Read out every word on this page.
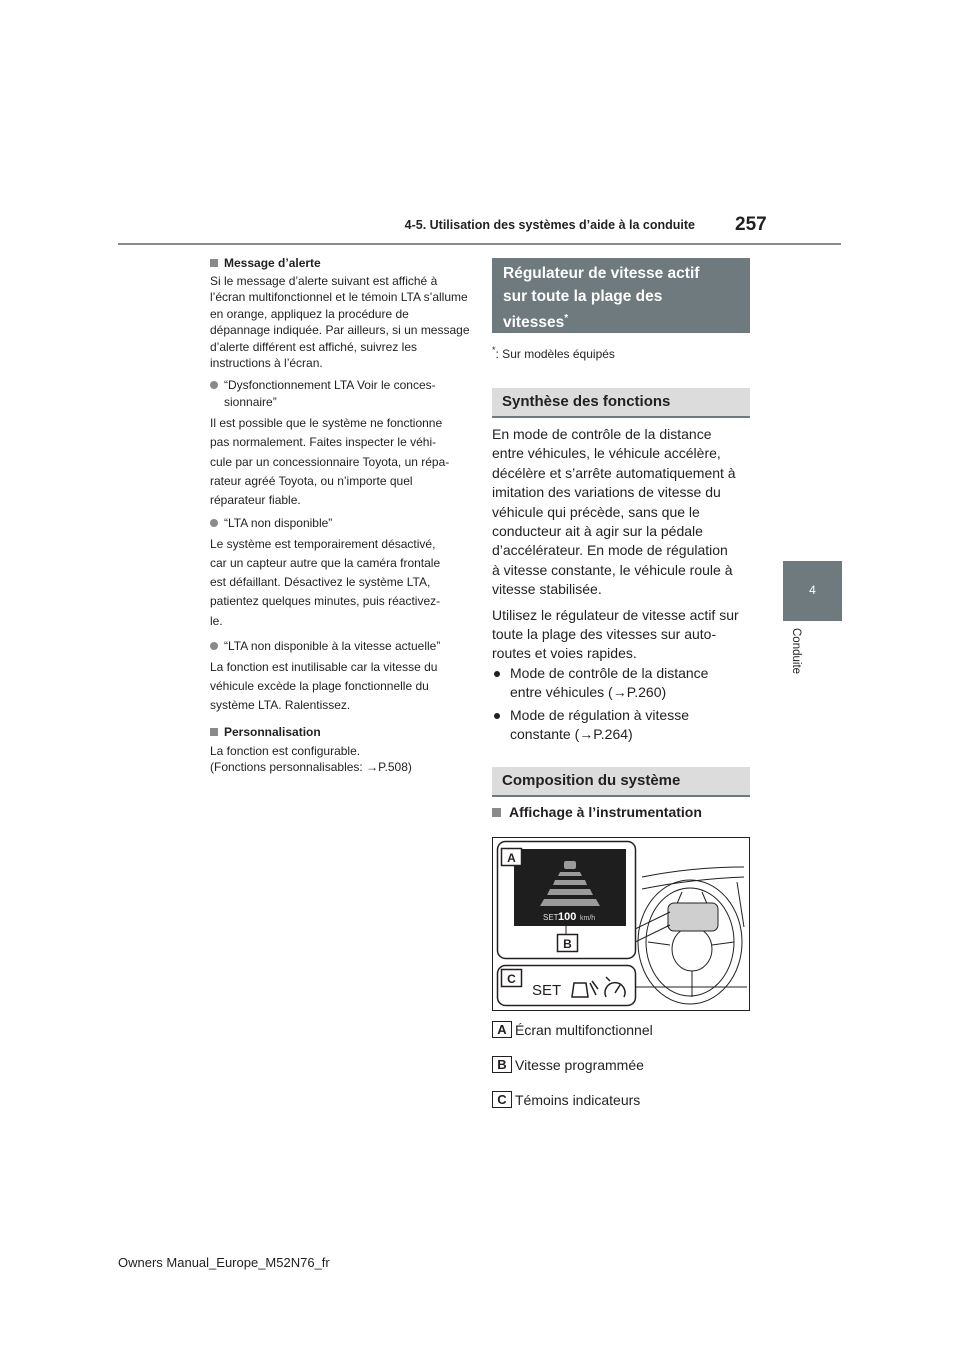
4-5. Utilisation des systèmes d’aide à la conduite 257
4
Conduite
Message d’alerte

Si le message d’alerte suivant est affiché à l’écran multifonctionnel et le témoin LTA s’allume en orange, appliquez la procédure de dépannage indiquée. Par ailleurs, si un message d’alerte différent est affiché, suivrez les instructions à l’écran.

“Dysfonctionnement LTA Voir le conces-sionnaire”

Il est possible que le système ne fonctionne

pas normalement. Faites inspecter le véhi-

cule par un concessionnaire Toyota, un répa-

rateur agréé Toyota, ou n’importe quel

réparateur fiable.

“LTA non disponible”

Le système est temporairement désactivé,

car un capteur autre que la caméra frontale

est défaillant. Désactivez le système LTA,

patientez quelques minutes, puis réactivez-

le.

“LTA non disponible à la vitesse actuelle”

La fonction est inutilisable car la vitesse du

véhicule excède la plage fonctionnelle du

système LTA. Ralentissez.

Personnalisation

La fonction est configurable.

(Fonctions personnalisables: →P.508)

Régulateur de vitesse actif
sur toute la plage des
vitesses*
*: Sur modèles équipés
Synthèse des fonctions

En mode de contrôle de la distance

entre véhicules, le véhicule accélère,

décélère et s’arrête automatiquement à

imitation des variations de vitesse du

véhicule qui précède, sans que le

conducteur ait à agir sur la pédale

d’accélérateur. En mode de régulation

à vitesse constante, le véhicule roule à

vitesse stabilisée.

Utilisez le régulateur de vitesse actif sur

toute la plage des vitesses sur auto-

routes et voies rapides.

Mode de contrôle de la distance

entre véhicules (→P.260)

Mode de régulation à vitesse

constante (→P.264)

Composition du système
Affichage à l’instrumentation
SET 100 km/h
B
A
C
SET
A Écran multifonctionnel
B Vitesse programmée
C Témoins indicateurs
Owners Manual_Europe_M52N76_fr
